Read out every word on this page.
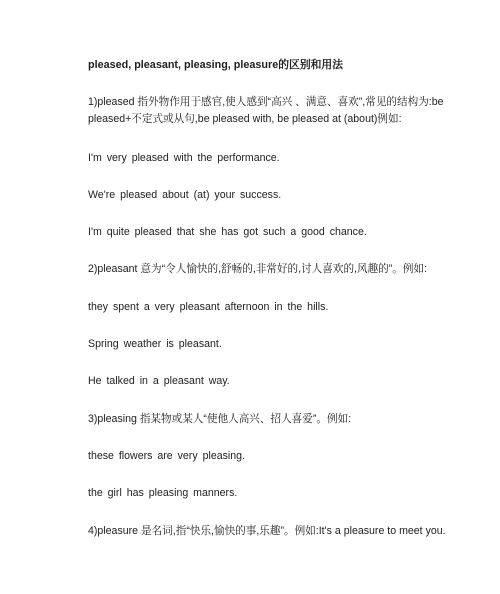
pleased, pleasant, pleasing, pleasure的区别和用法
1)pleased 指外物作用于感官,使人感到“高兴 、满意、喜欢”,常见的结构为:be pleased+不定式或从句,be pleased with, be pleased at (about)例如:
I'm very pleased with the performance.
We're pleased about (at) your success.
I'm quite pleased that she has got such a good chance.
2)pleasant 意为“令人愉快的,舒畅的,非常好的,讨人喜欢的,风趣的”。例如:
they spent a very pleasant afternoon in the hills.
Spring weather is pleasant.
He talked in a pleasant way.
3)pleasing 指某物或某人“使他人高兴、招人喜爱”。例如:
these flowers are very pleasing.
the girl has pleasing manners.
4)pleasure 是名词,指“快乐,愉快的事,乐趣”。例如:It's a pleasure to meet you.
